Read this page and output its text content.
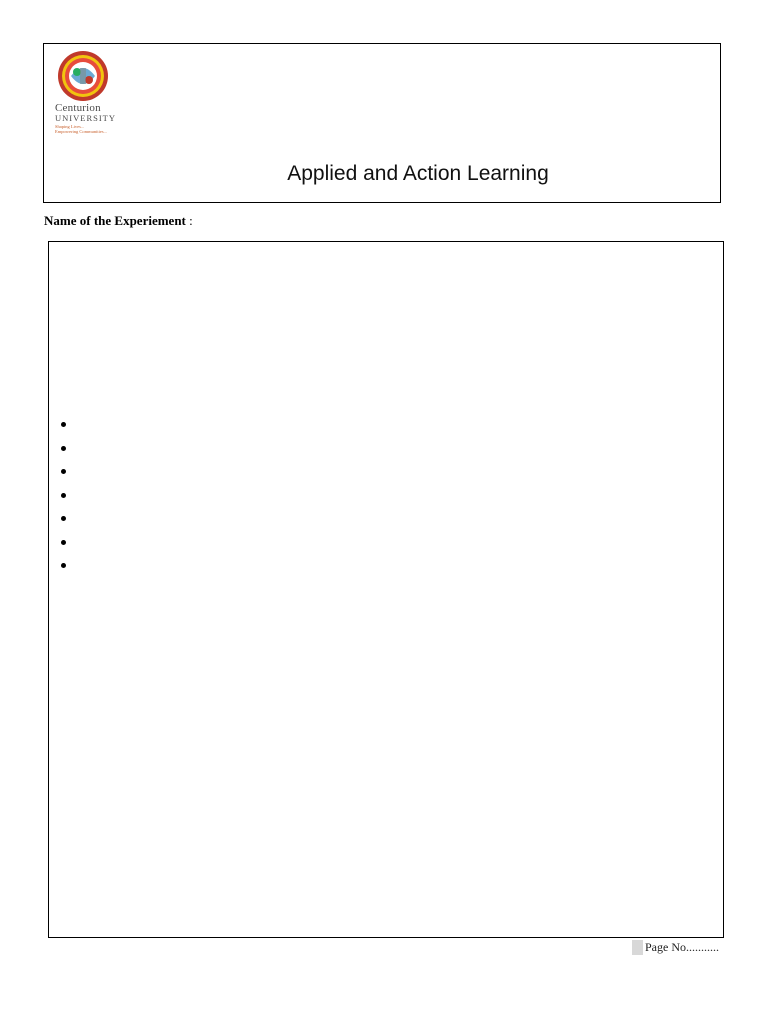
Centurion
UNIVERSITY
Shaping Lives...
Empowering Communities...
Applied and Action Learning
Name of the Experiement :
Page No...........
